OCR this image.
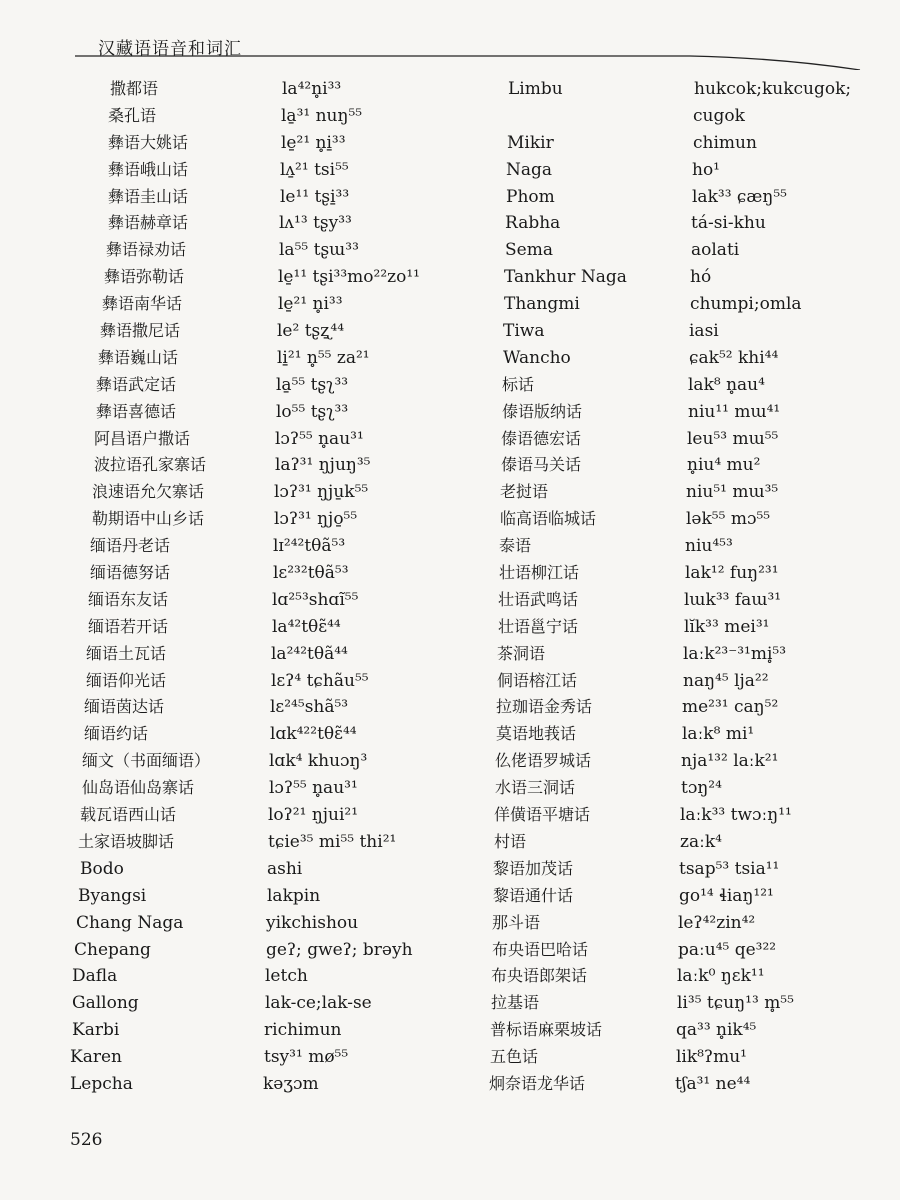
汉藏语语音和词汇
撒都语
桑孔语
彝语大姚话
彝语峨山话
彝语圭山话
彝语赫章话
彝语禄劝话
彝语弥勒话
彝语南华话
彝语撒尼话
彝语巍山话
彝语武定话
彝语喜德话
阿昌语户撒话
波拉语孔家寨话
浪速语允欠寨话
勒期语中山乡话
缅语丹老话
缅语德努话
缅语东友话
缅语若开话
缅语土瓦话
缅语仰光话
缅语茵达话
缅语约话
缅文（书面缅语）
仙岛语仙岛寨话
载瓦语西山话
土家语坡脚话
Bodo
Byangsi
Chang Naga
Chepang
Dafla
Gallong
Karbi
Karen
Lepcha
la⁴²n̥i³³
la̱³¹ nuŋ⁵⁵
le̱²¹ n̥i̱³³
lʌ̱²¹ tsi⁵⁵
le¹¹ tʂi̱³³
lʌ¹³ tʂy³³
la⁵⁵ tʂɯ³³
le̱¹¹ tʂi³³mo²²zo¹¹
le̱²¹ n̥i³³
le² tʂʐ̱⁴⁴
li̱²¹ n̥⁵⁵ za²¹
la̱⁵⁵ tʂʅ³³
lo⁵⁵ tʂʅ³³
lɔʔ⁵⁵ n̥au³¹
laʔ³¹ ŋjuŋ³⁵
lɔʔ³¹ ŋju̱k⁵⁵
lɔʔ³¹ ŋjo̱⁵⁵
lɪ²⁴²tθã⁵³
lɛ²³²tθã⁵³
lɑ²⁵³shɑĩ⁵⁵
la⁴²tθɛ̃⁴⁴
la²⁴²tθã⁴⁴
lɛʔ⁴ tɕhãu⁵⁵
lɛ²⁴⁵shã⁵³
lɑk⁴²²tθɛ̃⁴⁴
lɑk⁴ khuɔŋ³
lɔʔ⁵⁵ n̥au³¹
loʔ²¹ ŋjui²¹
tɕie³⁵ mi⁵⁵ thi²¹
ashi
lakpin
yikchishou
geʔ; gweʔ; brəyh
letch
lak-ce;lak-se
richimun
tsy³¹ mø⁵⁵
kəʒɔm
Limbu
Mikir
Naga
Phom
Rabha
Sema
Tankhur Naga
Thangmi
Tiwa
Wancho
标话
傣语版纳话
傣语德宏话
傣语马关话
老挝语
临高语临城话
泰语
壮语柳江话
壮语武鸣话
壮语邕宁话
茶洞语
侗语榕江话
拉珈语金秀话
莫语地莪话
仫佬语罗城话
水语三洞话
佯僙语平塘话
村语
黎语加茂话
黎语通什话
那斗语
布央语巴哈话
布央语郎架话
拉基语
普标语麻栗坡话
五色话
炯奈语龙华话
hukcok;kukcugok;
cugok
chimun
ho¹
lak³³ ɕæŋ⁵⁵
tá-si-khu
aolati
hó
chumpi;omla
iasi
ɕak⁵² khi⁴⁴
lak⁸ n̥au⁴
niu¹¹ mɯ⁴¹
leu⁵³ mɯ⁵⁵
n̥iu⁴ mu²
niu⁵¹ mɯ³⁵
lək⁵⁵ mɔ⁵⁵
niu⁴⁵³
lak¹² fuŋ²³¹
lɯk³³ faɯ³¹
lĭk³³ mei³¹
laːk²³⁻³¹mi̥⁵³
naŋ⁴⁵ lja²²
me²³¹ caŋ⁵²
laːk⁸ mi¹
nja¹³² laːk²¹
tɔŋ²⁴
laːk³³ twɔːŋ¹¹
zaːk⁴
tsap⁵³ tsia¹¹
go¹⁴ ɬiaŋ¹²¹
leʔ⁴²zin⁴²
paːu⁴⁵ qe³²²
laːk⁰ ŋɛk¹¹
li³⁵ tɕuŋ¹³ m̥⁵⁵
qa³³ n̥ik⁴⁵
lik⁸ʔmu¹
tʃa³¹ ne⁴⁴
526
